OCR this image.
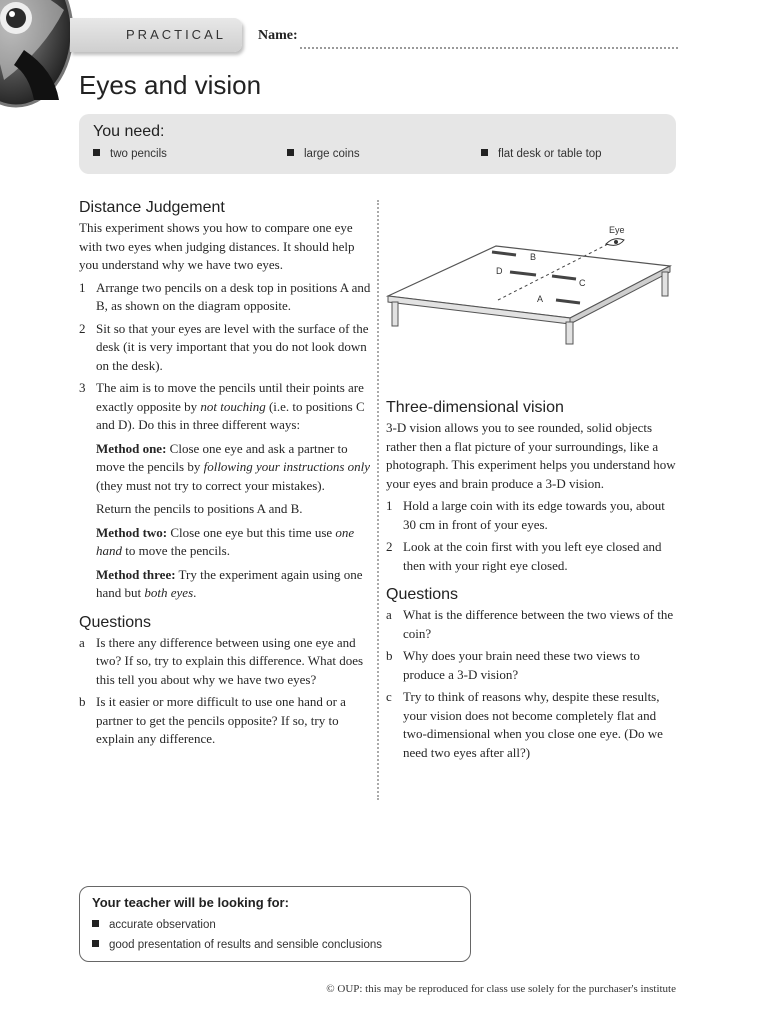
PRACTICAL	Name:
Eyes and vision
You need:
two pencils	large coins	flat desk or table top
Distance Judgement
This experiment shows you how to compare one eye with two eyes when judging distances. It should help you understand why we have two eyes.
1 Arrange two pencils on a desk top in positions A and B, as shown on the diagram opposite.
2 Sit so that your eyes are level with the surface of the desk (it is very important that you do not look down on the desk).
3 The aim is to move the pencils until their points are exactly opposite by not touching (i.e. to positions C and D). Do this in three different ways:
Method one: Close one eye and ask a partner to move the pencils by following your instructions only (they must not try to correct your mistakes).
Return the pencils to positions A and B.
Method two: Close one eye but this time use one hand to move the pencils.
Method three: Try the experiment again using one hand but both eyes.
Questions
a Is there any difference between using one eye and two? If so, try to explain this difference. What does this tell you about why we have two eyes?
b Is it easier or more difficult to use one hand or a partner to get the pencils opposite? If so, try to explain any difference.
B
D
C
A
Eye
Three-dimensional vision
3-D vision allows you to see rounded, solid objects rather then a flat picture of your surroundings, like a photograph. This experiment helps you understand how your eyes and brain produce a 3-D vision.
1 Hold a large coin with its edge towards you, about 30 cm in front of your eyes.
2 Look at the coin first with you left eye closed and then with your right eye closed.
Questions
a What is the difference between the two views of the coin?
b Why does your brain need these two views to produce a 3-D vision?
c Try to think of reasons why, despite these results, your vision does not become completely flat and two-dimensional when you close one eye. (Do we need two eyes after all?)
Your teacher will be looking for:
accurate observation
good presentation of results and sensible conclusions
© OUP: this may be reproduced for class use solely for the purchaser's institute
